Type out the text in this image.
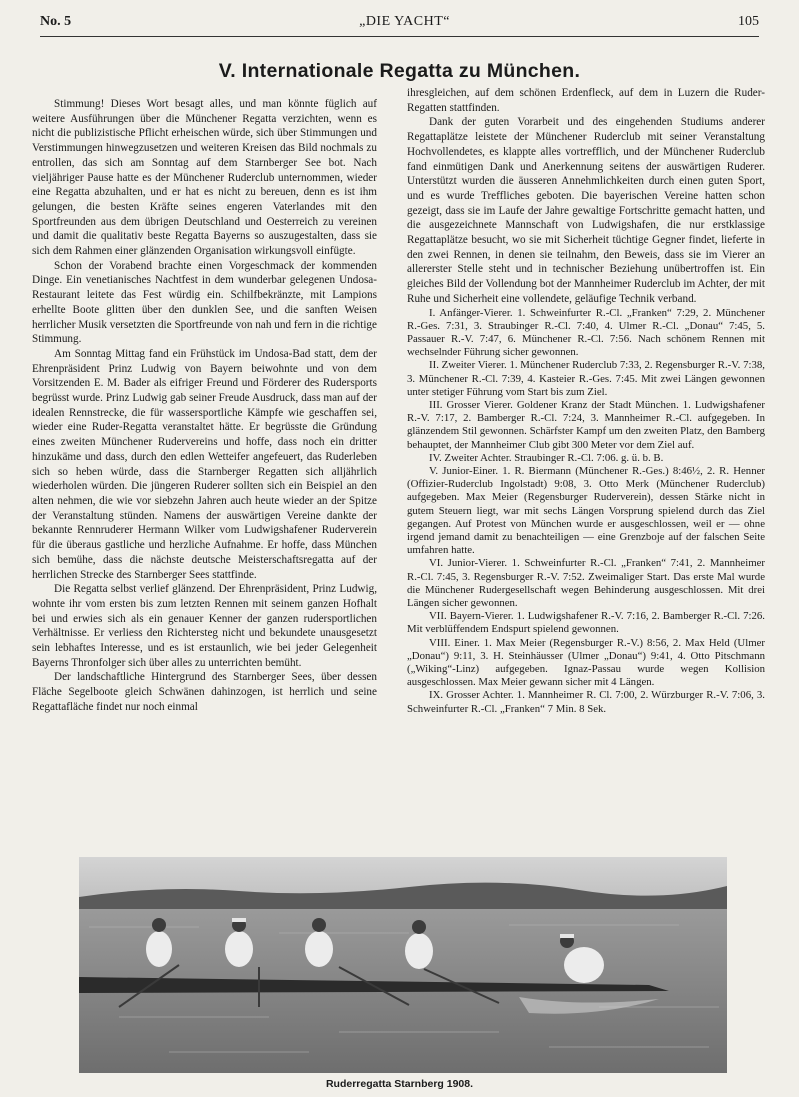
No. 5	„DIE YACHT“	105
V. Internationale Regatta zu München.

Stimmung! Dieses Wort besagt alles, und man könnte füglich auf weitere Ausführungen über die Münchener Regatta verzichten, wenn es nicht die publizistische Pflicht erheischen würde, sich über Stimmungen und Verstimmungen hinwegzusetzen und weiteren Kreisen das Bild nochmals zu entrollen, das sich am Sonntag auf dem Starnberger See bot. Nach vieljähriger Pause hatte es der Münchener Ruderclub unternommen, wieder eine Regatta abzuhalten, und er hat es nicht zu bereuen, denn es ist ihm gelungen, die besten Kräfte seines engeren Vaterlandes mit den Sportfreunden aus dem übrigen Deutschland und Oesterreich zu vereinen und damit die qualitativ beste Regatta Bayerns so auszugestalten, dass sie sich dem Rahmen einer glänzenden Organisation wirkungsvoll einfügte.

Schon der Vorabend brachte einen Vorgeschmack der kommenden Dinge. Ein venetianisches Nachtfest in dem wunderbar gelegenen Undosa-Restaurant leitete das Fest würdig ein. Schilfbekränzte, mit Lampions erhellte Boote glitten über den dunklen See, und die sanften Weisen herrlicher Musik versetzten die Sportfreunde von nah und fern in die richtige Stimmung.

Am Sonntag Mittag fand ein Frühstück im Undosa-Bad statt, dem der Ehrenpräsident Prinz Ludwig von Bayern beiwohnte und von dem Vorsitzenden E. M. Bader als eifriger Freund und Förderer des Rudersports begrüsst wurde. Prinz Ludwig gab seiner Freude Ausdruck, dass man auf der idealen Rennstrecke, die für wassersportliche Kämpfe wie geschaffen sei, wieder eine Ruder-Regatta veranstaltet hätte. Er begrüsste die Gründung eines zweiten Münchener Rudervereins und hoffe, dass noch ein dritter hinzukäme und dass, durch den edlen Wetteifer angefeuert, das Ruderleben sich so heben würde, dass die Starnberger Regatten sich alljährlich wiederholen würden. Die jüngeren Ruderer sollten sich ein Beispiel an den alten nehmen, die wie vor siebzehn Jahren auch heute wieder an der Spitze der Veranstaltung stünden. Namens der auswärtigen Vereine dankte der bekannte Rennruderer Hermann Wilker vom Ludwigshafener Ruderverein für die überaus gastliche und herzliche Aufnahme. Er hoffe, dass München sich bemühe, dass die nächste deutsche Meisterschaftsregatta auf der herrlichen Strecke des Starnberger Sees stattfinde.

Die Regatta selbst verlief glänzend. Der Ehrenpräsident, Prinz Ludwig, wohnte ihr vom ersten bis zum letzten Rennen mit seinem ganzen Hofhalt bei und erwies sich als ein genauer Kenner der ganzen rudersportlichen Verhältnisse. Er verliess den Richtersteg nicht und bekundete unausgesetzt sein lebhaftes Interesse, und es ist erstaunlich, wie bei jeder Gelegenheit Bayerns Thronfolger sich über alles zu unterrichten bemüht.

Der landschaftliche Hintergrund des Starnberger Sees, über dessen Fläche Segelboote gleich Schwänen dahinzogen, ist herrlich und seine Regattafläche findet nur noch einmal

ihresgleichen, auf dem schönen Erdenfleck, auf dem in Luzern die Ruder-Regatten stattfinden.

Dank der guten Vorarbeit und des eingehenden Studiums anderer Regattaplätze leistete der Münchener Ruderclub mit seiner Veranstaltung Hochvollendetes, es klappte alles vortrefflich, und der Münchener Ruderclub fand einmütigen Dank und Anerkennung seitens der auswärtigen Ruderer. Unterstützt wurden die äusseren Annehmlichkeiten durch einen guten Sport, und es wurde Treffliches geboten. Die bayerischen Vereine hatten schon gezeigt, dass sie im Laufe der Jahre gewaltige Fortschritte gemacht hatten, und die ausgezeichnete Mannschaft von Ludwigshafen, die nur erstklassige Regattaplätze besucht, wo sie mit Sicherheit tüchtige Gegner findet, lieferte in den zwei Rennen, in denen sie teilnahm, den Beweis, dass sie im Vierer an allererster Stelle steht und in technischer Beziehung unübertroffen ist. Ein gleiches Bild der Vollendung bot der Mannheimer Ruderclub im Achter, der mit Ruhe und Sicherheit eine vollendete, geläufige Technik verband.

I. Anfänger-Vierer. 1. Schweinfurter R.-Cl. „Franken“ 7:29, 2. Münchener R.-Ges. 7:31, 3. Straubinger R.-Cl. 7:40, 4. Ulmer R.-Cl. „Donau“ 7:45, 5. Passauer R.-V. 7:47, 6. Münchener R.-Cl. 7:56. Nach schönem Rennen mit wechselnder Führung sicher gewonnen.

II. Zweiter Vierer. 1. Münchener Ruderclub 7:33, 2. Regensburger R.-V. 7:38, 3. Münchener R.-Cl. 7:39, 4. Kasteier R.-Ges. 7:45. Mit zwei Längen gewonnen unter stetiger Führung vom Start bis zum Ziel.

III. Grosser Vierer. Goldener Kranz der Stadt München. 1. Ludwigshafener R.-V. 7:17, 2. Bamberger R.-Cl. 7:24, 3. Mannheimer R.-Cl. aufgegeben. In glänzendem Stil gewonnen. Schärfster Kampf um den zweiten Platz, den Bamberg behauptet, der Mannheimer Club gibt 300 Meter vor dem Ziel auf.

IV. Zweiter Achter. Straubinger R.-Cl. 7:06. g. ü. b. B.

V. Junior-Einer. 1. R. Biermann (Münchener R.-Ges.) 8:46½, 2. R. Henner (Offizier-Ruderclub Ingolstadt) 9:08, 3. Otto Merk (Münchener Ruderclub) aufgegeben. Max Meier (Regensburger Ruderverein), dessen Stärke nicht in gutem Steuern liegt, war mit sechs Längen Vorsprung spielend durch das Ziel gegangen. Auf Protest von München wurde er ausgeschlossen, weil er — ohne irgend jemand damit zu benachteiligen — eine Grenzboje auf der falschen Seite umfahren hatte.

VI. Junior-Vierer. 1. Schweinfurter R.-Cl. „Franken“ 7:41, 2. Mannheimer R.-Cl. 7:45, 3. Regensburger R.-V. 7:52. Zweimaliger Start. Das erste Mal wurde die Münchener Rudergesellschaft wegen Behinderung ausgeschlossen. Mit drei Längen sicher gewonnen.

VII. Bayern-Vierer. 1. Ludwigshafener R.-V. 7:16, 2. Bamberger R.-Cl. 7:26. Mit verblüffendem Endspurt spielend gewonnen.

VIII. Einer. 1. Max Meier (Regensburger R.-V.) 8:56, 2. Max Held (Ulmer „Donau“) 9:11, 3. H. Steinhäusser (Ulmer „Donau“) 9:41, 4. Otto Pitschmann („Wiking“-Linz) aufgegeben. Ignaz-Passau wurde wegen Kollision ausgeschlossen. Max Meier gewann sicher mit 4 Längen.

IX. Grosser Achter. 1. Mannheimer R. Cl. 7:00, 2. Würzburger R.-V. 7:06, 3. Schweinfurter R.-Cl. „Franken“ 7 Min. 8 Sek.

Ruderregatta Starnberg 1908.
